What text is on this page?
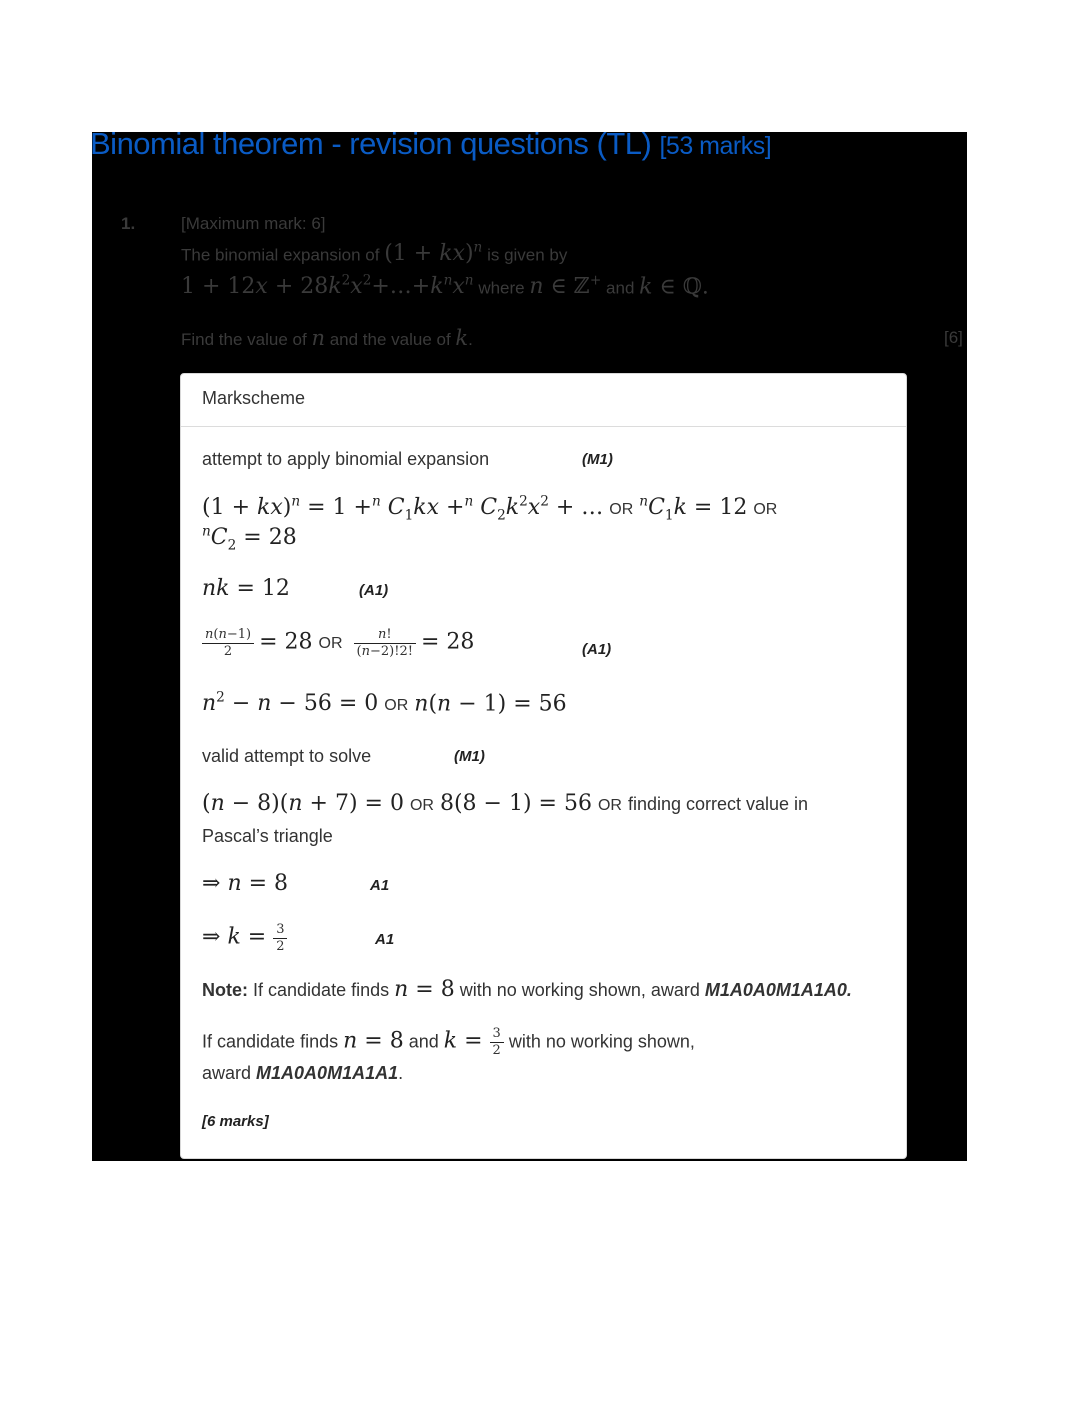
Binomial theorem - revision questions (TL) [53 marks]
1.	[Maximum mark: 6]
The binomial expansion of (1 + kx)$^n$ is given by
$1 + 12x + 28k^2x^2+\dots+k^nx^n$ where n ∈ ℤ+ and k ∈ ℚ.
Find the value of n and the value of k.	[6]
Markscheme
attempt to apply binomial expansion	(M1)
(1 + kx)$^n$ = 1 +$^n$ $C_1kx +^n$ $C_2k^2x^2$ + … OR $^nC_1k = 12$ OR
$^nC_2 = 28$
nk = 12	(A1)
$\frac{n(n-1)}{2} = 28$ OR $\frac{n!}{(n-2)!2!} = 28$	(A1)
$n^2 - n - 56 = 0$ OR n(n − 1) = 56
valid attempt to solve	(M1)
(n − 8)(n + 7) = 0 OR 8(8 − 1) = 56 OR finding correct value in
Pascal’s triangle
⇒ n = 8	A1
⇒ $k = \frac{3}{2}$	A1
Note: If candidate finds n = 8 with no working shown, award M1A0A0M1A1A0.
If candidate finds n = 8 and $k = \frac{3}{2}$ with no working shown,
award M1A0A0M1A1A1.
[6 marks]
